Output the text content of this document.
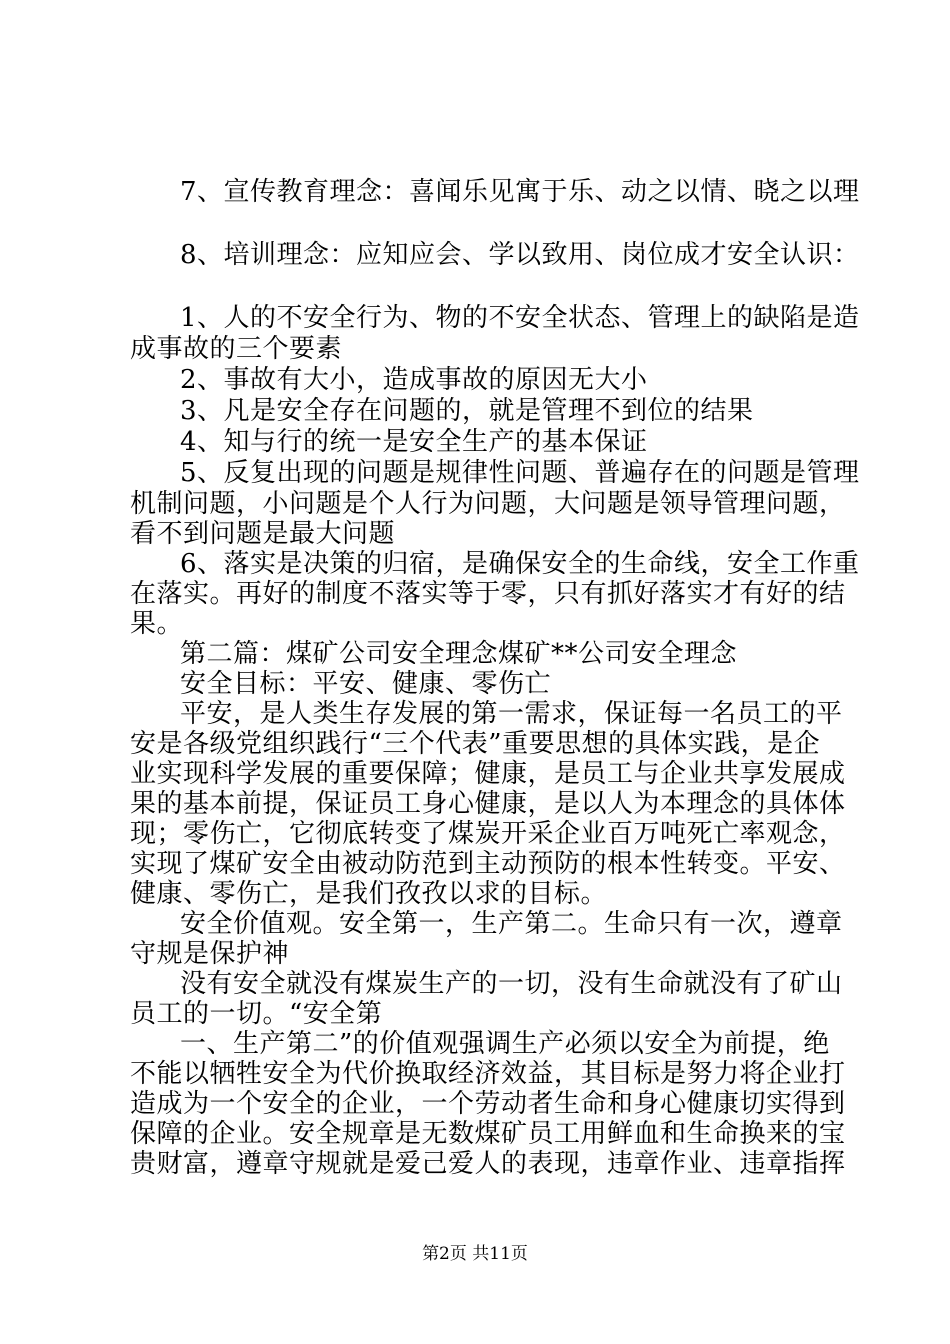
7、宣传教育理念：喜闻乐见寓于乐、动之以情、晓之以理
8、培训理念：应知应会、学以致用、岗位成才安全认识：
1、人的不安全行为、物的不安全状态、管理上的缺陷是造
成事故的三个要素
2、事故有大小，造成事故的原因无大小
3、凡是安全存在问题的，就是管理不到位的结果
4、知与行的统一是安全生产的基本保证
5、反复出现的问题是规律性问题、普遍存在的问题是管理
机制问题，小问题是个人行为问题，大问题是领导管理问题，
看不到问题是最大问题
6、落实是决策的归宿，是确保安全的生命线，安全工作重
在落实。再好的制度不落实等于零，只有抓好落实才有好的结
果。
第二篇：煤矿公司安全理念煤矿**公司安全理念
安全目标：平安、健康、零伤亡
平安，是人类生存发展的第一需求，保证每一名员工的平
安是各级党组织践行“三个代表”重要思想的具体实践，是企
业实现科学发展的重要保障；健康，是员工与企业共享发展成
果的基本前提，保证员工身心健康，是以人为本理念的具体体
现；零伤亡，它彻底转变了煤炭开采企业百万吨死亡率观念，
实现了煤矿安全由被动防范到主动预防的根本性转变。平安、
健康、零伤亡，是我们孜孜以求的目标。
安全价值观。安全第一，生产第二。生命只有一次，遵章
守规是保护神
没有安全就没有煤炭生产的一切，没有生命就没有了矿山
员工的一切。“安全第
一、生产第二”的价值观强调生产必须以安全为前提，绝
不能以牺牲安全为代价换取经济效益，其目标是努力将企业打
造成为一个安全的企业，一个劳动者生命和身心健康切实得到
保障的企业。安全规章是无数煤矿员工用鲜血和生命换来的宝
贵财富，遵章守规就是爱己爱人的表现，违章作业、违章指挥
第2页 共11页
